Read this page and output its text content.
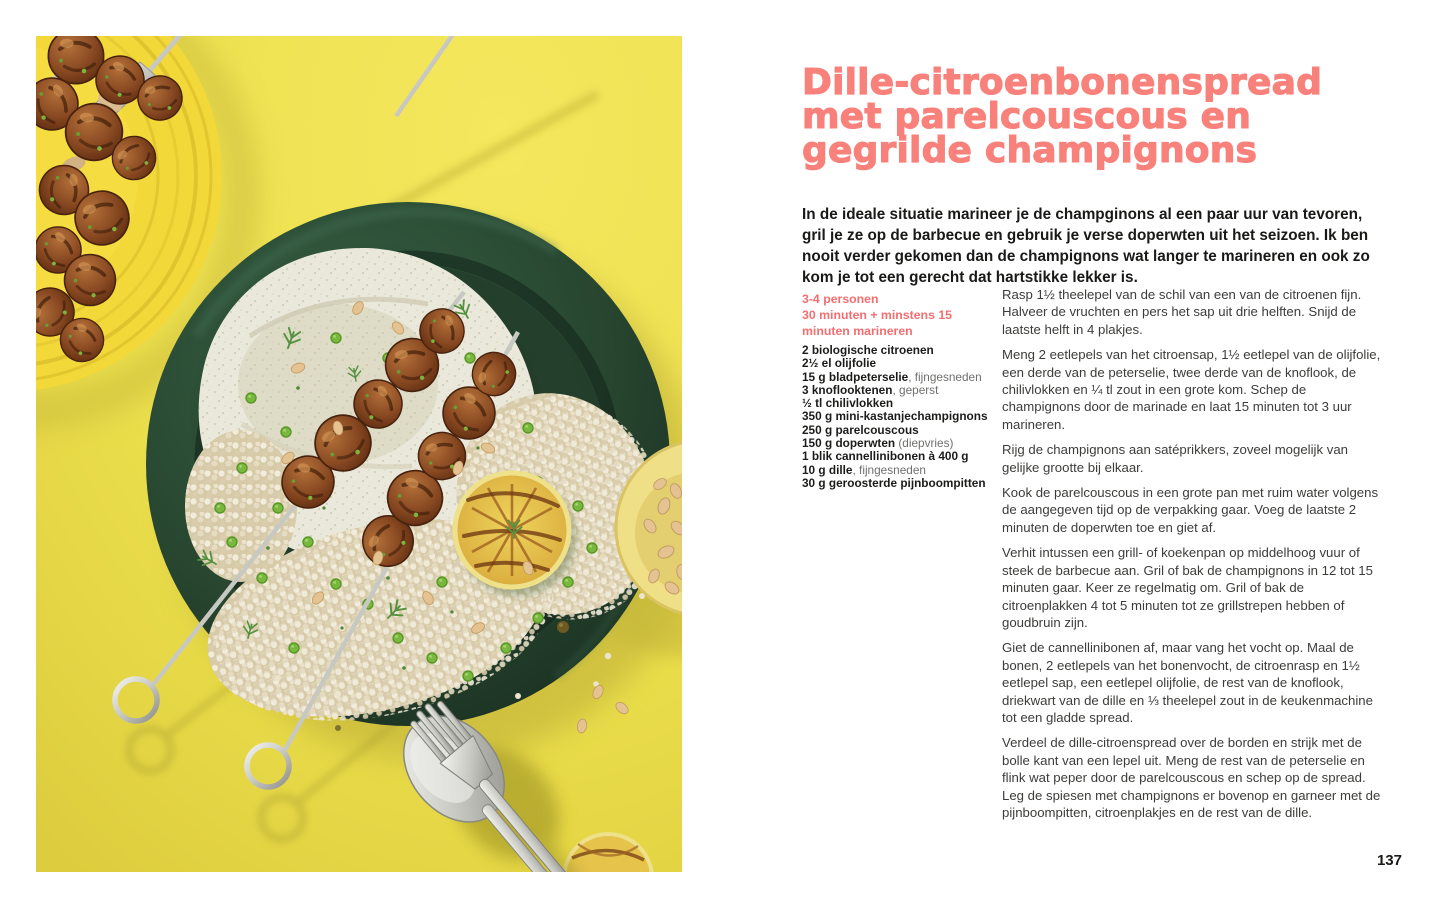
Dille-citroenbonenspread
met parelcouscous en
gegrilde champignons

In de ideale situatie marineer je de champginons al een paar uur van tevoren, gril je ze op de barbecue en gebruik je verse doperwten uit het seizoen. Ik ben nooit verder gekomen dan de champignons wat langer te marineren en ook zo kom je tot een gerecht dat hartstikke lekker is.

3-4 personen
30 minuten + minstens 15 minuten marineren
2 biologische citroenen
2½ el olijfolie
15 g bladpeterselie, fijngesneden
3 knoflooktenen, geperst
½ tl chilivlokken
350 g mini-kastanjechampignons
250 g parelcouscous
150 g doperwten (diepvries)
1 blik cannellinibonen à 400 g
10 g dille, fijngesneden
30 g geroosterde pijnboompitten

Rasp 1½ theelepel van de schil van een van de citroenen fijn. Halveer de vruchten en pers het sap uit drie helften. Snijd de laatste helft in 4 plakjes.

Meng 2 eetlepels van het citroensap, 1½ eetlepel van de olijfolie, een derde van de peterselie, twee derde van de knoflook, de chilivlokken en ¼ tl zout in een grote kom. Schep de champignons door de marinade en laat 15 minuten tot 3 uur marineren.

Rijg de champignons aan satéprikkers, zoveel mogelijk van gelijke grootte bij elkaar.

Kook de parelcouscous in een grote pan met ruim water volgens de aangegeven tijd op de verpakking gaar. Voeg de laatste 2 minuten de doperwten toe en giet af.

Verhit intussen een grill- of koekenpan op middelhoog vuur of steek de barbecue aan. Gril of bak de champignons in 12 tot 15 minuten gaar. Keer ze regelmatig om. Gril of bak de citroenplakken 4 tot 5 minuten tot ze grillstrepen hebben of goudbruin zijn.

Giet de cannellinibonen af, maar vang het vocht op. Maal de bonen, 2 eetlepels van het bonenvocht, de citroenrasp en 1½ eetlepel sap, een eetlepel olijfolie, de rest van de knoflook, driekwart van de dille en ⅓ theelepel zout in de keukenmachine tot een gladde spread.

Verdeel de dille-citroenspread over de borden en strijk met de bolle kant van een lepel uit. Meng de rest van de peterselie en flink wat peper door de parelcouscous en schep op de spread. Leg de spiesen met champignons er bovenop en garneer met de pijnboompitten, citroenplakjes en de rest van de dille.

137
